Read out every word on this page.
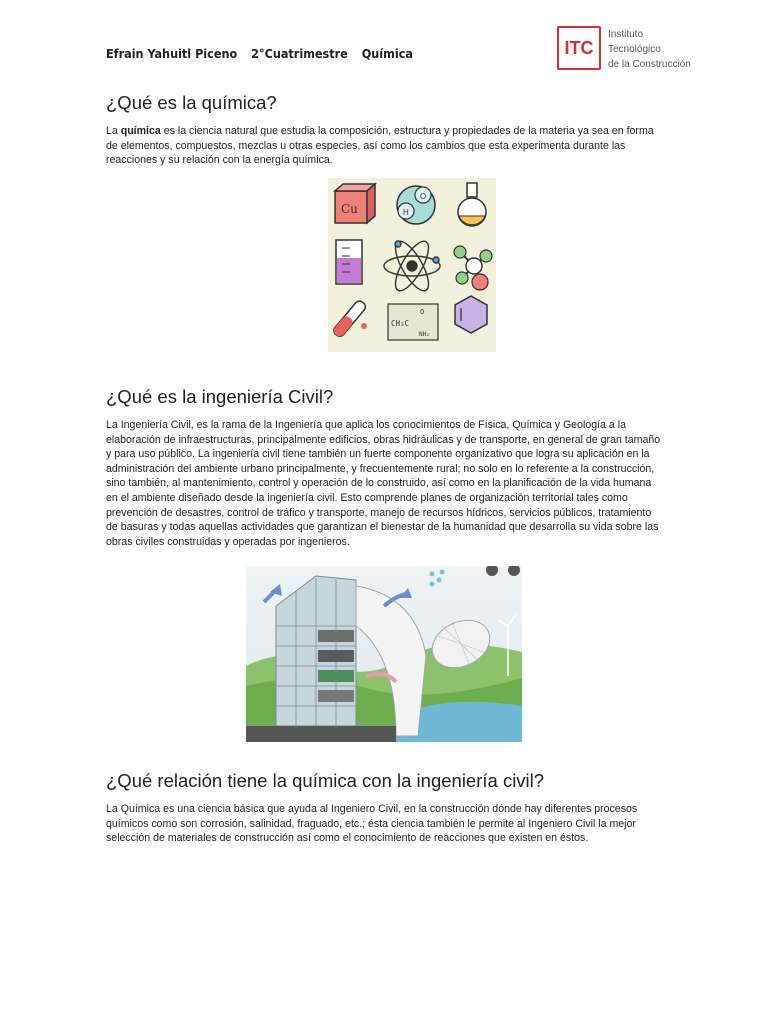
Efrain Yahuitl Piceno 2°Cuatrimestre Química	ITC
Instituto
Tecnológico
de la Construcción
¿Qué es la química?

La química es la ciencia natural que estudia la composición, estructura y propiedades de la materia ya sea en forma de elementos, compuestos, mezclas u otras especies, así como los cambios que esta experimenta durante las reacciones y su relación con la energía química.

Cu	H
O
CH₃C
O
NH₂
¿Qué es la ingeniería Civil?

La Ingeniería Civil, es la rama de la Ingeniería que aplica los conocimientos de Física, Química y Geología a la elaboración de infraestructuras, principalmente edificios, obras hidráulicas y de transporte, en general de gran tamaño y para uso público. La ingeniería civil tiene también un fuerte componente organizativo que logra su aplicación en la administración del ambiente urbano principalmente, y frecuentemente rural; no solo en lo referente a la construcción, sino también, al mantenimiento, control y operación de lo construido, así como en la planificación de la vida humana en el ambiente diseñado desde la ingeniería civil. Esto comprende planes de organización territorial tales como prevención de desastres, control de tráfico y transporte, manejo de recursos hídricos, servicios públicos, tratamiento de basuras y todas aquellas actividades que garantizan el bienestar de la humanidad que desarrolla su vida sobre las obras civiles construidas y operadas por ingenieros.

¿Qué relación tiene la química con la ingeniería civil?

La Química es una ciencia básica que ayuda al Ingeniero Civil, en la construcción dónde hay diferentes procesos químicos como son corrosión, salinidad, fraguado, etc.; ésta ciencia también le permite al Ingeniero Civil la mejor selección de materiales de construcción así como el conocimiento de reacciones que existen en éstos.
